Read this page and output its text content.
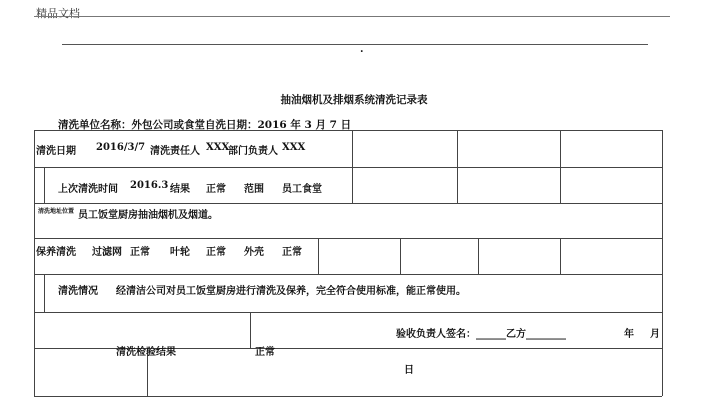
精品文档
.
抽油烟机及排烟系统清洗记录表
清洗单位名称：外包公司或食堂自洗 日期：2016 年 3 月 7 日
清洗日期 2016/3/7 清洗责任人 XXX
部门负责人 XXX
上次清洗时间 2016.3 结果 正常 范围 员工食堂
清洗地址位置 员工饭堂厨房抽油烟机及烟道。
保养清洗 过滤网 正常 叶轮 正常 外壳 正常
清洗情况 经清洁公司对员工饭堂厨房进行清洗及保养，完全符合使用标准，能正常使用。
验收负责人签名：______乙方________	年 月
清洗检验结果	正常
日
